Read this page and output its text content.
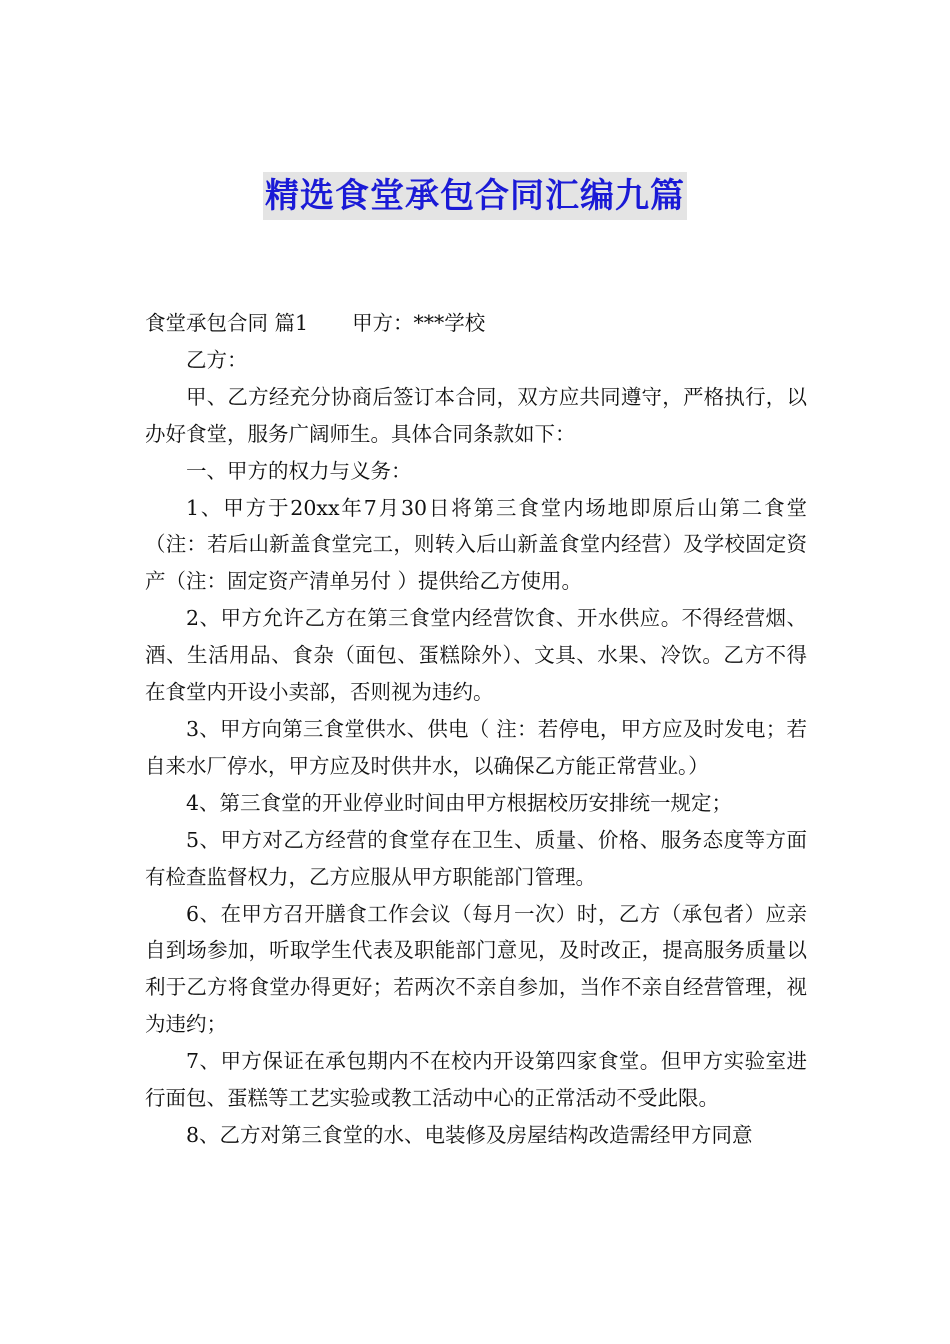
精选食堂承包合同汇编九篇

食堂承包合同 篇1 甲方：***学校

乙方：

甲、乙方经充分协商后签订本合同，双方应共同遵守，严格执行，以办好食堂，服务广阔师生。具体合同条款如下：

一、甲方的权力与义务：

1、甲方于20xx年7月30日将第三食堂内场地即原后山第二食堂（注：若后山新盖食堂完工，则转入后山新盖食堂内经营）及学校固定资产（注：固定资产清单另付 ）提供给乙方使用。

2、甲方允许乙方在第三食堂内经营饮食、开水供应。不得经营烟、酒、生活用品、食杂（面包、蛋糕除外）、文具、水果、冷饮。乙方不得在食堂内开设小卖部，否则视为违约。

3、甲方向第三食堂供水、供电（ 注：若停电，甲方应及时发电；若自来水厂停水，甲方应及时供井水，以确保乙方能正常营业。）

4、第三食堂的开业停业时间由甲方根据校历安排统一规定；

5、甲方对乙方经营的食堂存在卫生、质量、价格、服务态度等方面有检查监督权力，乙方应服从甲方职能部门管理。

6、在甲方召开膳食工作会议（每月一次）时，乙方（承包者）应亲自到场参加，听取学生代表及职能部门意见，及时改正，提高服务质量以利于乙方将食堂办得更好；若两次不亲自参加，当作不亲自经营管理，视为违约；

7、甲方保证在承包期内不在校内开设第四家食堂。但甲方实验室进行面包、蛋糕等工艺实验或教工活动中心的正常活动不受此限。

8、乙方对第三食堂的水、电装修及房屋结构改造需经甲方同意
